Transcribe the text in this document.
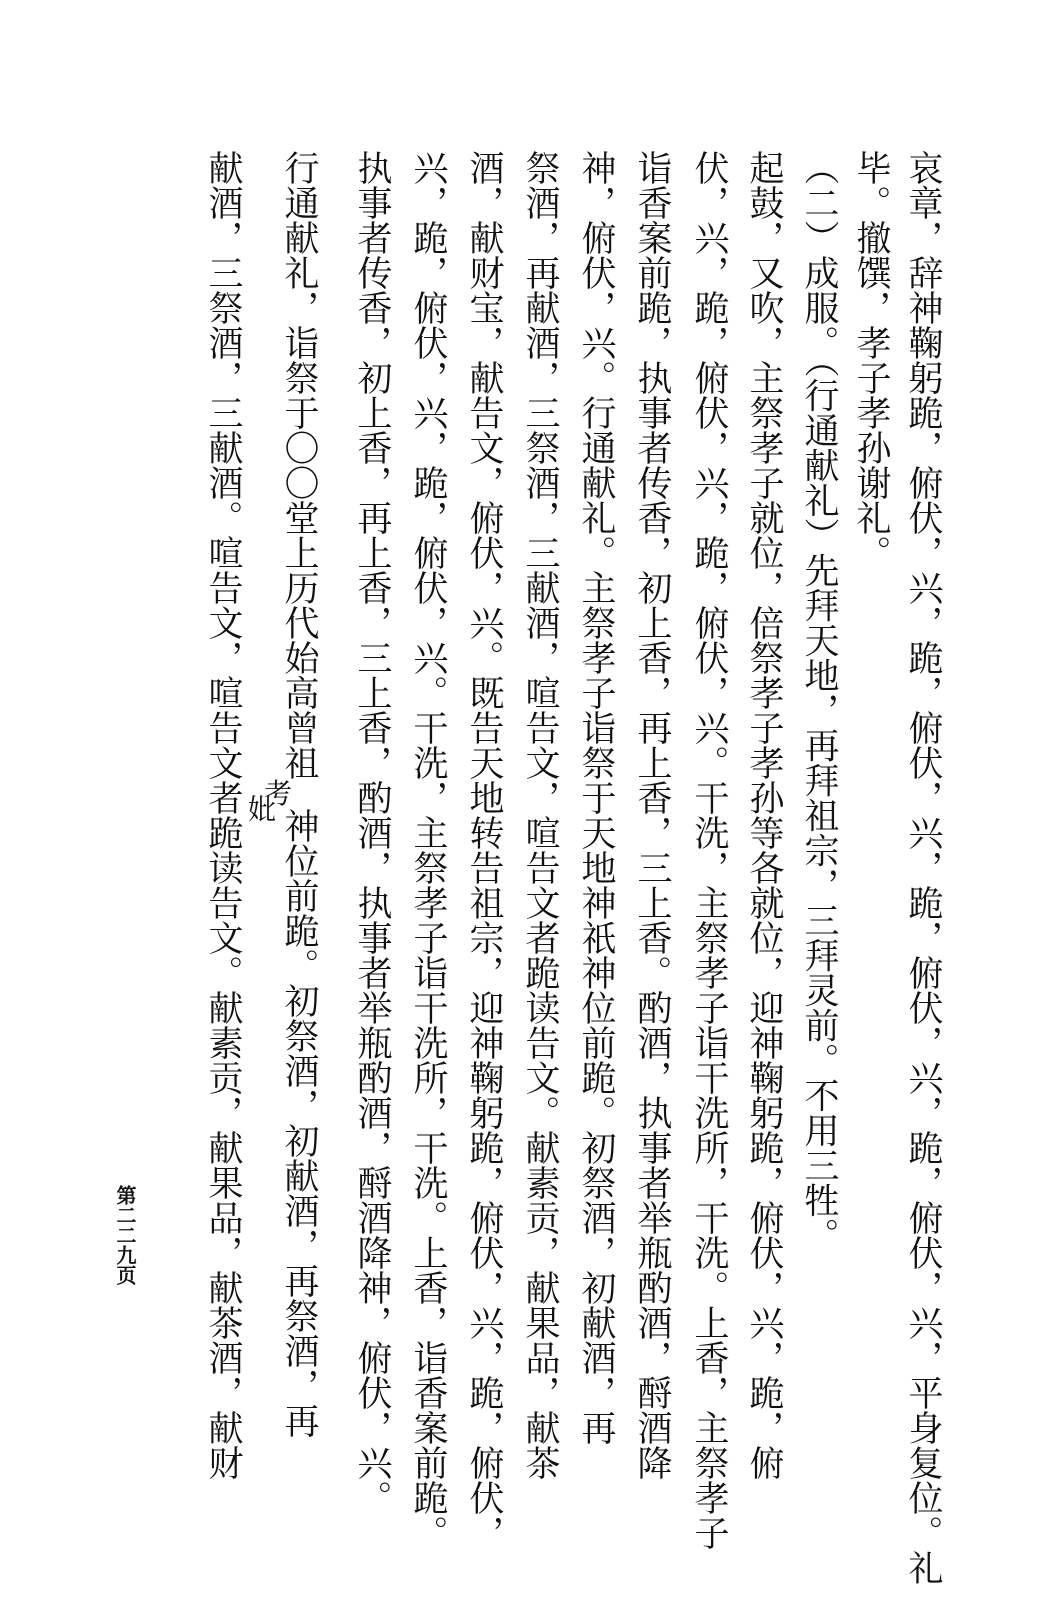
哀章，辞神鞠躬跪，俯伏，兴，跪，俯伏，兴，跪，俯伏，兴，跪，俯伏，兴，平身复位。礼
毕。撤馔，孝子孝孙谢礼。
（二）成服。（行通献礼）先拜天地，再拜祖宗，三拜灵前。不用三牲。
起鼓，又吹，主祭孝子就位，倍祭孝子孝孙等各就位，迎神鞠躬跪，俯伏，兴，跪，俯
伏，兴，跪，俯伏，兴，跪，俯伏，兴。干洗，主祭孝子诣干洗所，干洗。上香，主祭孝子
诣香案前跪，执事者传香，初上香，再上香，三上香。酌酒，执事者举瓶酌酒，酹酒降
神，俯伏，兴。行通献礼。主祭孝子诣祭于天地神祇神位前跪。初祭酒，初献酒，再
祭酒，再献酒，三祭酒，三献酒，喧告文，喧告文者跪读告文。献素贡，献果品，献茶
酒，献财宝，献告文，俯伏，兴。既告天地转告祖宗，迎神鞠躬跪，俯伏，兴，跪，俯伏，
兴，跪，俯伏，兴，跪，俯伏，兴。干洗，主祭孝子诣干洗所，干洗。上香，诣香案前跪。
执事者传香，初上香，再上香，三上香，酌酒，执事者举瓶酌酒，酹酒降神，俯伏，兴。
行通献礼，诣祭于〇〇堂上历代始高曾祖考妣神位前跪。初祭酒，初献酒，再祭酒，再
献酒，三祭酒，三献酒。喧告文，喧告文者跪读告文。献素贡，献果品，献茶酒，献财
第二二九页
